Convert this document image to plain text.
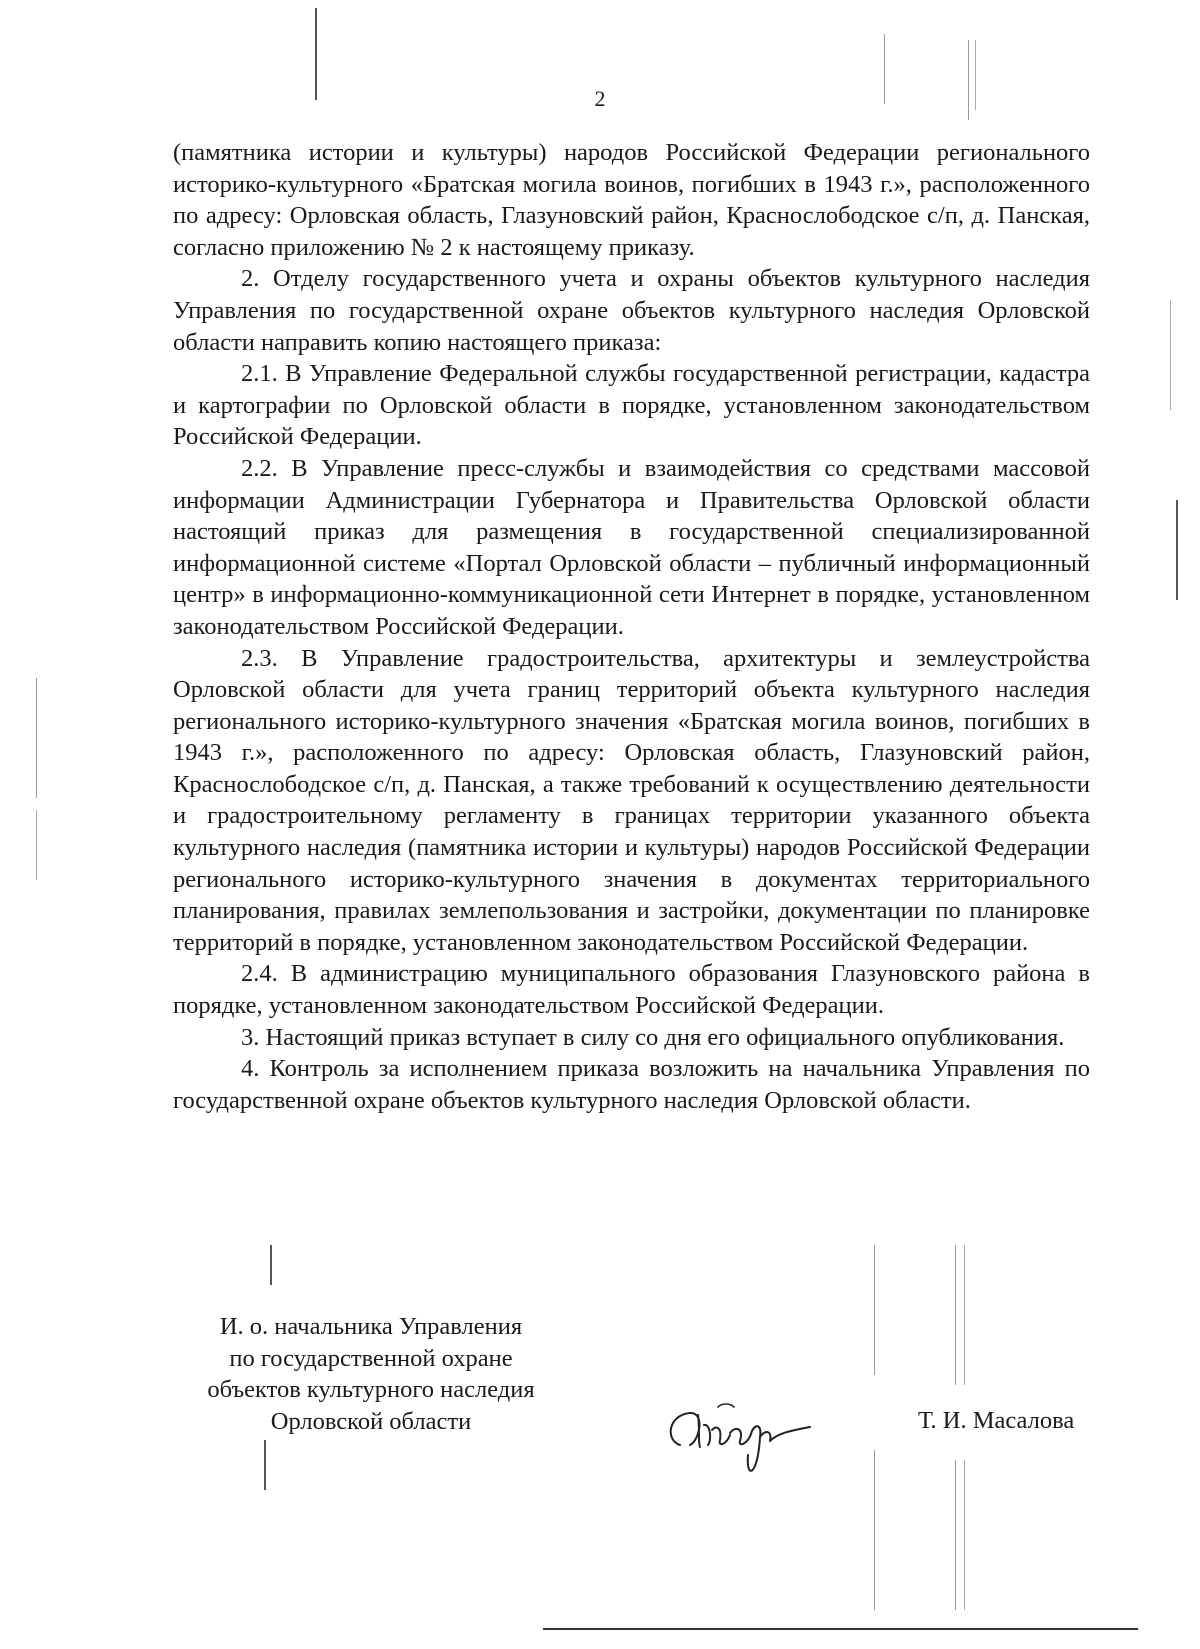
2

(памятника истории и культуры) народов Российской Федерации регионального историко-культурного «Братская могила воинов, погибших в 1943 г.», расположенного по адресу: Орловская область, Глазуновский район, Краснослободское с/п, д. Панская, согласно приложению № 2 к настоящему приказу.

2. Отделу государственного учета и охраны объектов культурного наследия Управления по государственной охране объектов культурного наследия Орловской области направить копию настоящего приказа:

2.1. В Управление Федеральной службы государственной регистрации, кадастра и картографии по Орловской области в порядке, установленном законодательством Российской Федерации.

2.2. В Управление пресс-службы и взаимодействия со средствами массовой информации Администрации Губернатора и Правительства Орловской области настоящий приказ для размещения в государственной специализированной информационной системе «Портал Орловской области – публичный информационный центр» в информационно-коммуникационной сети Интернет в порядке, установленном законодательством Российской Федерации.

2.3. В Управление градостроительства, архитектуры и землеустройства Орловской области для учета границ территорий объекта культурного наследия регионального историко-культурного значения «Братская могила воинов, погибших в 1943 г.», расположенного по адресу: Орловская область, Глазуновский район, Краснослободское с/п, д. Панская, а также требований к осуществлению деятельности и градостроительному регламенту в границах территории указанного объекта культурного наследия (памятника истории и культуры) народов Российской Федерации регионального историко-культурного значения в документах территориального планирования, правилах землепользования и застройки, документации по планировке территорий в порядке, установленном законодательством Российской Федерации.

2.4. В администрацию муниципального образования Глазуновского района в порядке, установленном законодательством Российской Федерации.

3. Настоящий приказ вступает в силу со дня его официального опубликования.

4. Контроль за исполнением приказа возложить на начальника Управления по государственной охране объектов культурного наследия Орловской области.

И. о. начальника Управления
по государственной охране
объектов культурного наследия
Орловской области	Т. И. Масалова
